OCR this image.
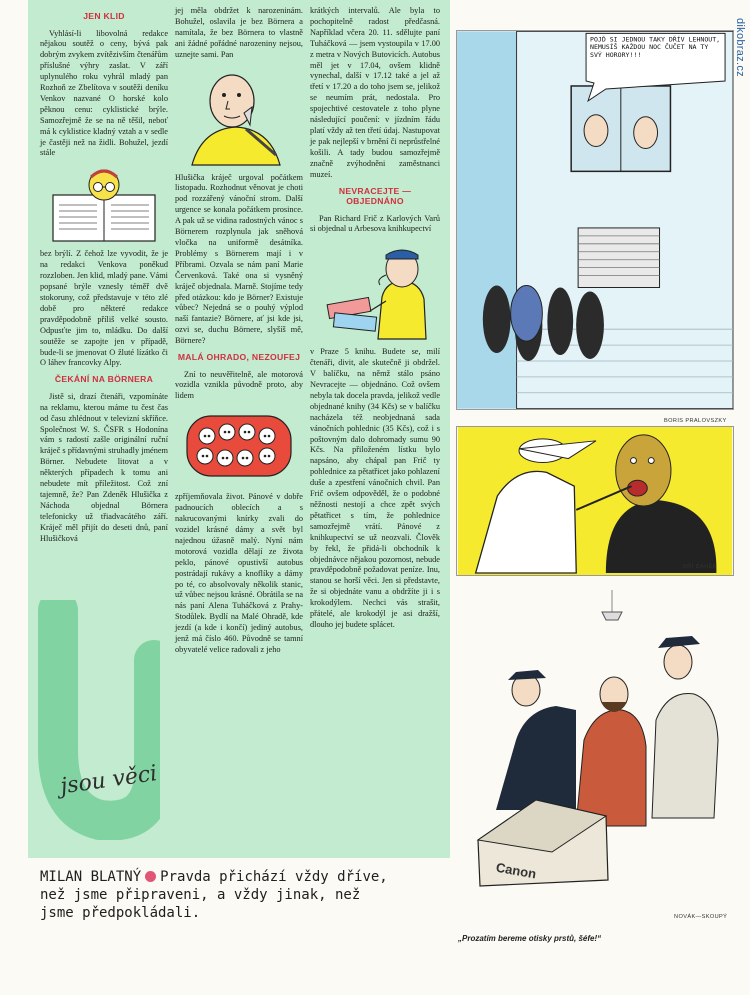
JEN KLID

Vyhlásí-li libovolná redakce nějakou soutěž o ceny, bývá pak dobrým zvykem zvítězivším čtenářům příslušné výhry zaslat. V září uplynulého roku vyhrál mladý pan Rozhoň ze Zbelítova v soutěži deníku Venkov nazvané O horské kolo pěknou cenu: cyklistické brýle. Samozřejmě že se na ně těšil, neboť má k cyklistice kladný vztah a v sedle je častěji než na židli. Bohužel, jezdí stále

bez brýlí. Z čehož lze vyvodit, že je na redakci Venkova poněkud rozzloben. Jen klid, mladý pane. Vámi popsané brýle vznesly téměř dvě stokoruny, což představuje v této zlé době pro některé redakce pravděpodobně příliš velké sousto. Odpusťte jim to, mládku. Do další soutěže se zapojte jen v případě, bude-li se jmenovat O žluté lízátko či O láhev francovky Alpy.

ČEKÁNÍ NA BÖRNERA

Jistě si, drazí čtenáři, vzpomínáte na reklamu, kterou máme tu čest čas od času zhlédnout v televizní skříňce. Společnost W. S. ČSFR s Hodonína vám s radostí zašle originální ruční kráječ s přídavnými struhadly jménem Börner. Nebudete litovat a v některých případech k tomu ani nebudete mít příležitost. Což zní tajemně, že? Pan Zdeněk Hlušička z Náchoda objednal Börnera telefonicky už třiadvacátého září. Kráječ měl přijít do deseti dnů, paní Hlušičková

jej měla obdržet k narozeninám. Bohužel, oslavila je bez Börnera a namítala, že bez Börnera to vlastně ani žádné pořádné narozeniny nejsou, uznejte sami. Pan

Hlušička kráječ urgoval počátkem listopadu. Rozhodnut věnovat je choti pod rozzářený vánoční strom. Další urgence se konala počátkem prosince. A pak už se vidina radostných vánoc s Börnerem rozplynula jak sněhová vločka na uniformě desátníka. Problémy s Börnerem mají i v Příbrami. Ozvala se nám paní Marie Červenková. Také ona si vysněný kráječ objednala. Marně. Stojíme tedy před otázkou: kdo je Börner? Existuje vůbec? Nejedná se o pouhý výplod naší fantazie? Börnere, ať jsi kde jsi, ozvi se, duchu Börnere, slyšíš mě, Börnere?

MALÁ OHRADO, NEZOUFEJ

Zní to neuvěřitelně, ale motorová vozidla vznikla původně proto, aby lidem

zpříjemňovala život. Pánové v dobře padnoucích oblecích a s nakrucovanými knírky zvali do vozidel krásné dámy a svět byl najednou úžasně malý. Nyní nám motorová vozidla dělají ze života peklo, pánové opustivší autobus postrádají rukávy a knoflíky a dámy po té, co absolvovaly několik stanic, už vůbec nejsou krásné. Obrátila se na nás paní Alena Tuháčková z Prahy-Stodůlek. Bydlí na Malé Ohradě, kde jezdí (a kde i končí) jediný autobus, jenž má číslo 460. Původně se tamní obyvatelé velice radovali z jeho

krátkých intervalů. Ale byla to pochopitelně radost předčasná. Například včera 20. 11. sdělujte paní Tuháčková — jsem vystoupila v 17.00 z metra v Nových Butovicích. Autobus měl jet v 17.04, ovšem klidně vynechal, další v 17.12 také a jel až třetí v 17.20 a do toho jsem se, jelikož se neumím prát, nedostala. Pro spojechtivé cestovatele z toho plyne následující poučení: v jízdním řádu platí vždy až ten třetí údaj. Nastupovat je pak nejlepší v brnění či neprůstřelné košili. A tady budou samozřejmě značně zvýhodněni zaměstnanci muzeí.

NEVRACEJTE — OBJEDNÁNO

Pan Richard Frič z Karlových Varů si objednal u Arbesova knihkupectví

v Praze 5 knihu. Budete se, milí čtenáři, divit, ale skutečně ji obdržel. V balíčku, na němž stálo psáno Nevracejte — objednáno. Což ovšem nebyla tak docela pravda, jelikož vedle objednané knihy (34 Kčs) se v balíčku nacházela též neobjednaná sada vánočních pohlednic (35 Kčs), což i s poštovným dalo dohromady sumu 90 Kčs. Na přiloženém lístku bylo napsáno, aby chápal pan Frič ty pohlednice za pětatřicet jako pohlazení duše a zpestření vánočních chvil. Pan Frič ovšem odpověděl, že o podobné něžnosti nestojí a chce zpět svých pětatřicet s tím, že pohlednice samozřejmě vrátí. Pánové z knihkupectví se už neozvali. Člověk by řekl, že přidá-li obchodník k objednávce nějakou pozornost, nebude pravděpodobně požadovat peníze. Inu, stanou se horší věci. Jen si představte, že si objednáte vanu a obdržíte ji i s krokodýlem. Nechci vás strašit, přátelé, ale krokodýl je asi dražší, dlouho jej budete splácet.

jsou věci
MILAN BLATNÝ Pravda přichází vždy dříve, než jsme připraveni, a vždy jinak, než jsme předpokládali.
POJĎ SI JEDNOU TAKY DŘÍV LEHNOUT, NEMUSÍŠ KAŽDOU NOC ČUČET NA TY SVÝ HORORY!!!
BORIS PRALOVSZKY
JIŘÍ DANĚK
Canon
NOVÁK—SKOUPÝ
„Prozatím bereme otisky prstů, šéfe!“
dikobraz.cz
